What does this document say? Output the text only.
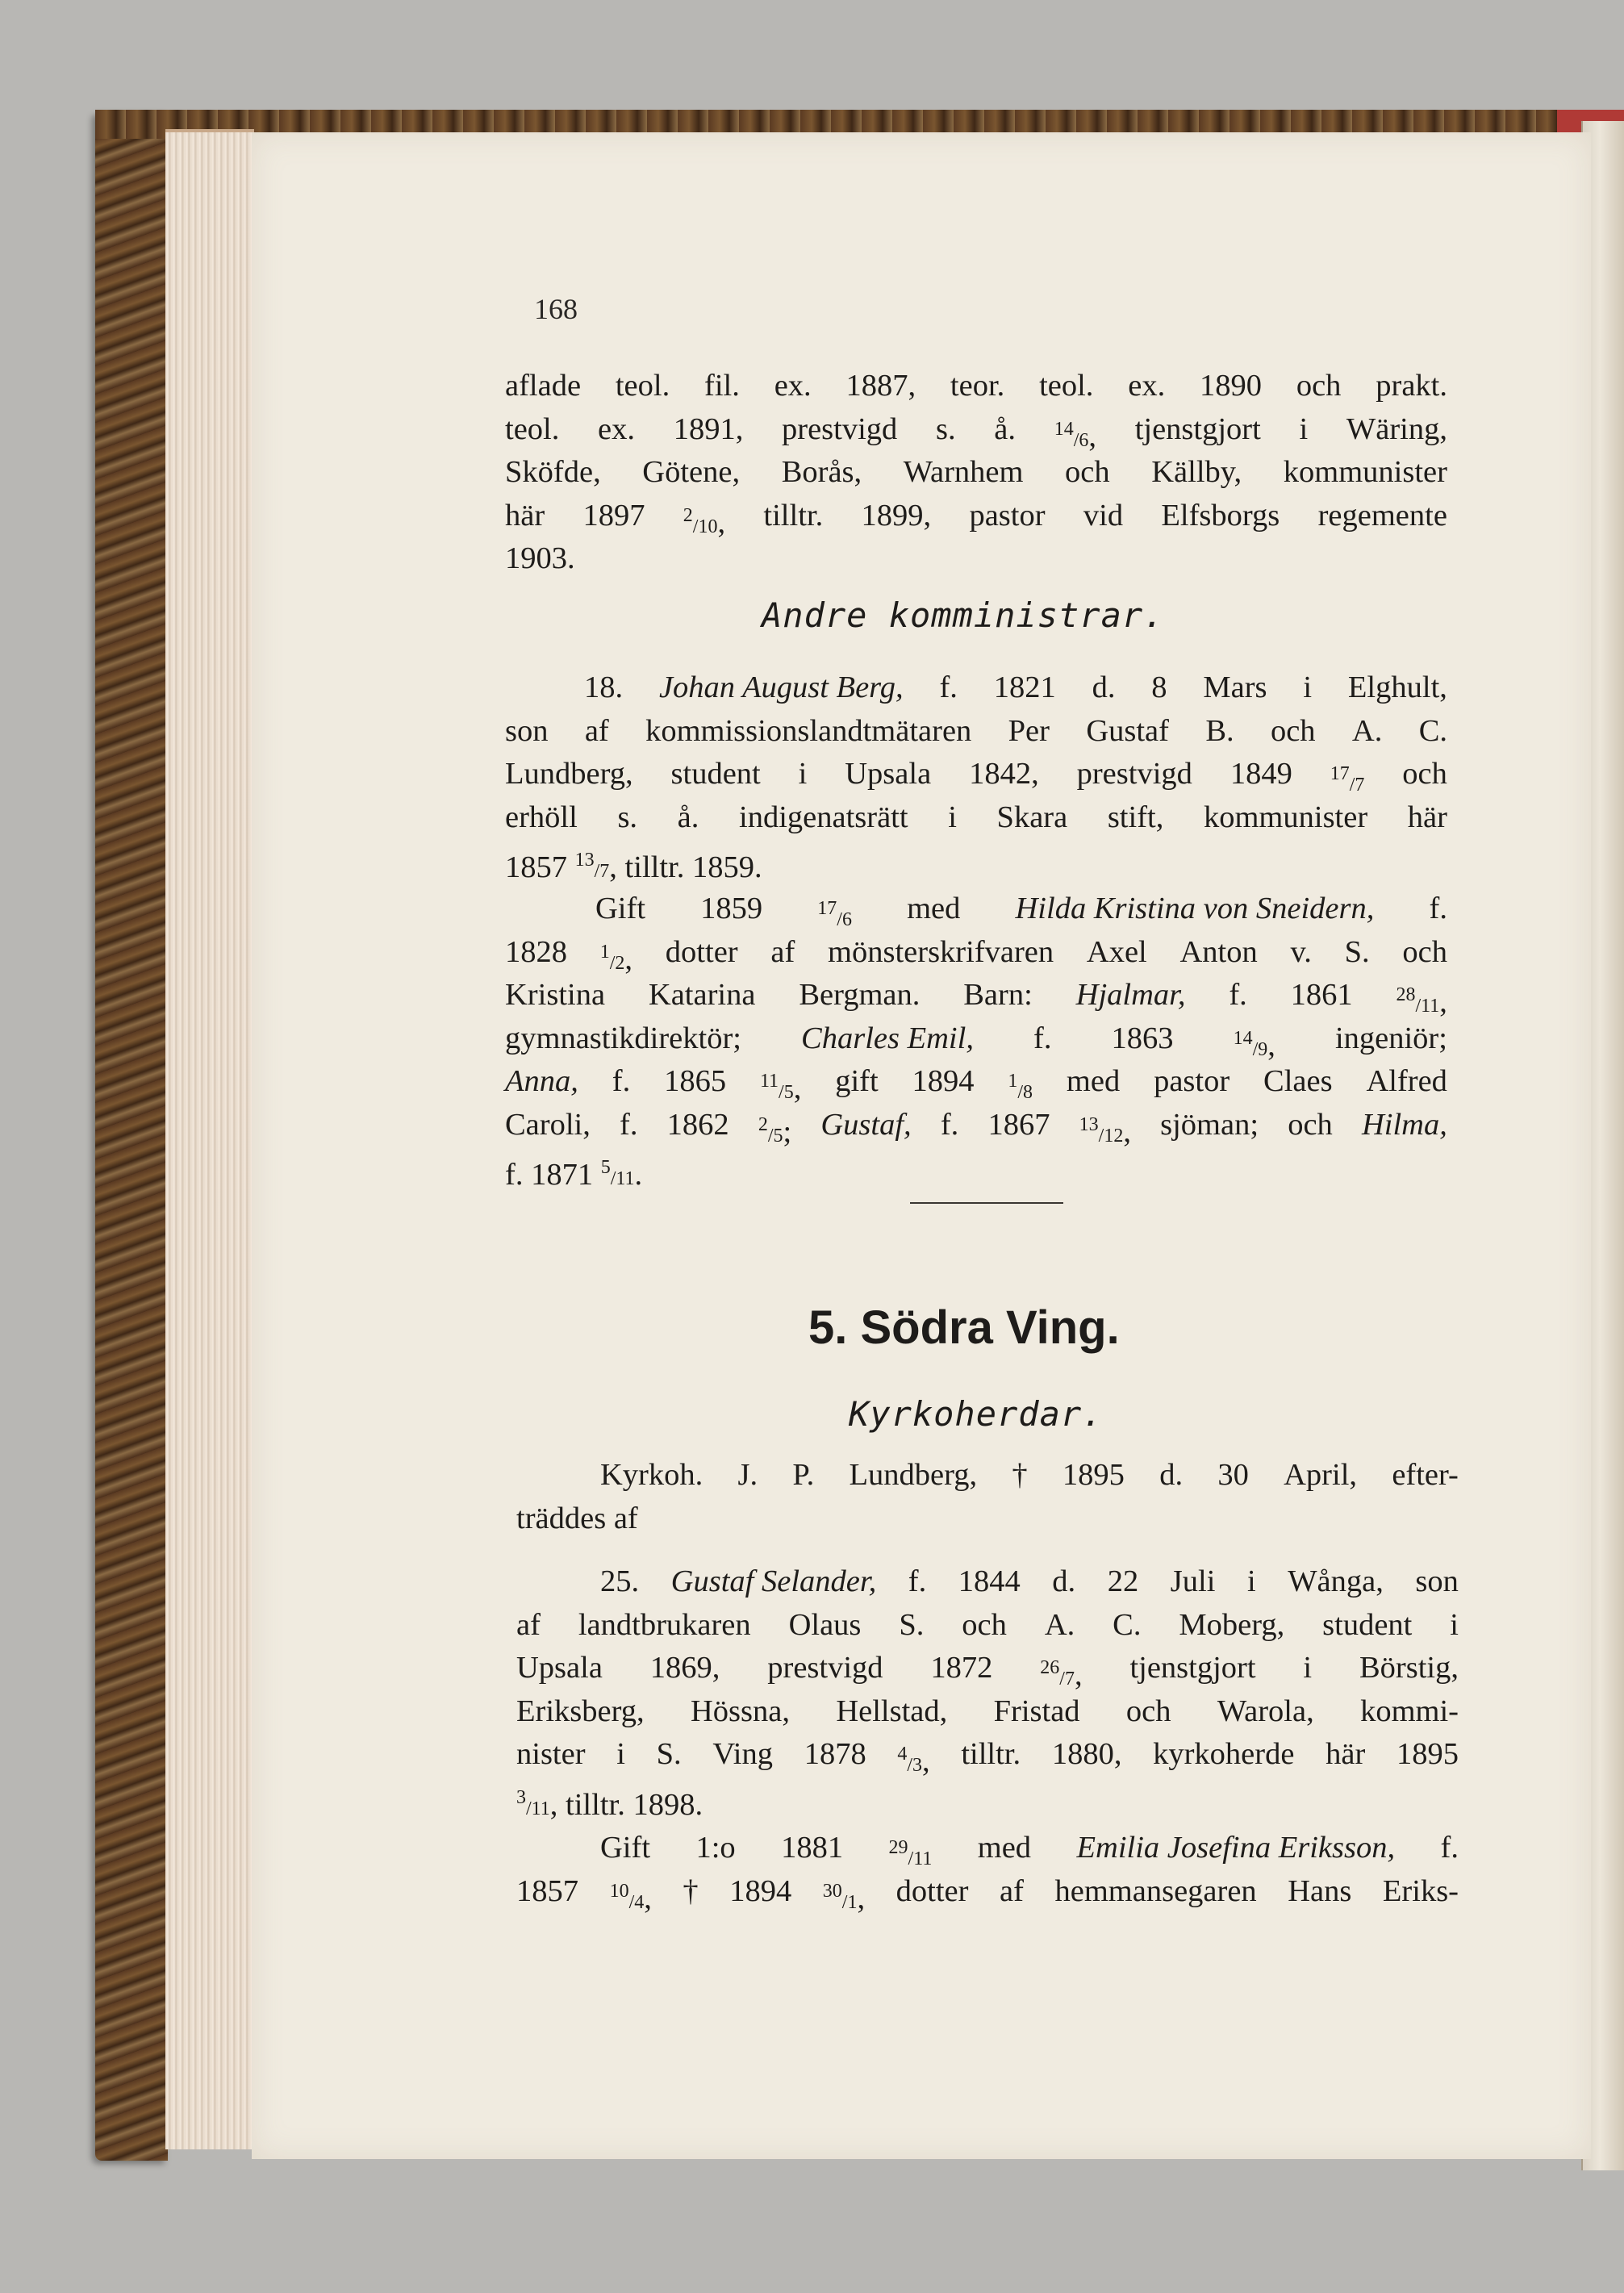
168
aflade teol. fil. ex. 1887, teor. teol. ex. 1890 och prakt.
teol. ex. 1891, prestvigd s. å. $^{14}$/6, tjenstgjort i Wäring,
Sköfde, Götene, Borås, Warnhem och Källby, kommunister
här 1897 $^2$/10, tilltr. 1899, pastor vid Elfsborgs regemente
1903.
Andre komministrar.
18. Johan August Berg, f. 1821 d. 8 Mars i Elghult,
son af kommissionslandtmätaren Per Gustaf B. och A. C.
Lundberg, student i Upsala 1842, prestvigd 1849 $^{17}$/7 och
erhöll s. å. indigenatsrätt i Skara stift, kommunister här
1857 $^{13}$/7, tilltr. 1859.
Gift 1859	$^{17}$/6 med Hilda Kristina von Sneidern, f.
1828 $^1$/2, dotter af mönsterskrifvaren Axel Anton v. S. och
Kristina Katarina Bergman. Barn: Hjalmar, f. 1861 $^{28}$/11,
gymnastikdirektör; Charles Emil, f. 1863	$^{14}$/9, ingeniör;
Anna, f. 1865 $^{11}$/5, gift 1894 $^1$/8 med pastor Claes Alfred
Caroli, f. 1862 $^2$/5; Gustaf, f. 1867 $^{13}$/12, sjöman; och Hilma,
f. 1871 $^5$/11.
5. Södra Ving.
Kyrkoherdar.
Kyrkoh. J. P. Lundberg, † 1895 d. 30 April, efter-
träddes af
25. Gustaf Selander, f. 1844 d. 22 Juli i Wånga, son
af landtbrukaren Olaus S. och A. C. Moberg, student i
Upsala 1869, prestvigd 1872 $^{26}$/7, tjenstgjort i Börstig,
Eriksberg, Hössna, Hellstad, Fristad och Warola, kommi-
nister i S. Ving 1878 $^4$/3, tilltr. 1880, kyrkoherde här 1895
$^3$/11, tilltr. 1898.
Gift 1:o 1881 $^{29}$/11 med Emilia Josefina Eriksson, f.
1857 $^{10}$/4, † 1894 $^{30}$/1, dotter af hemmansegaren Hans Eriks-
